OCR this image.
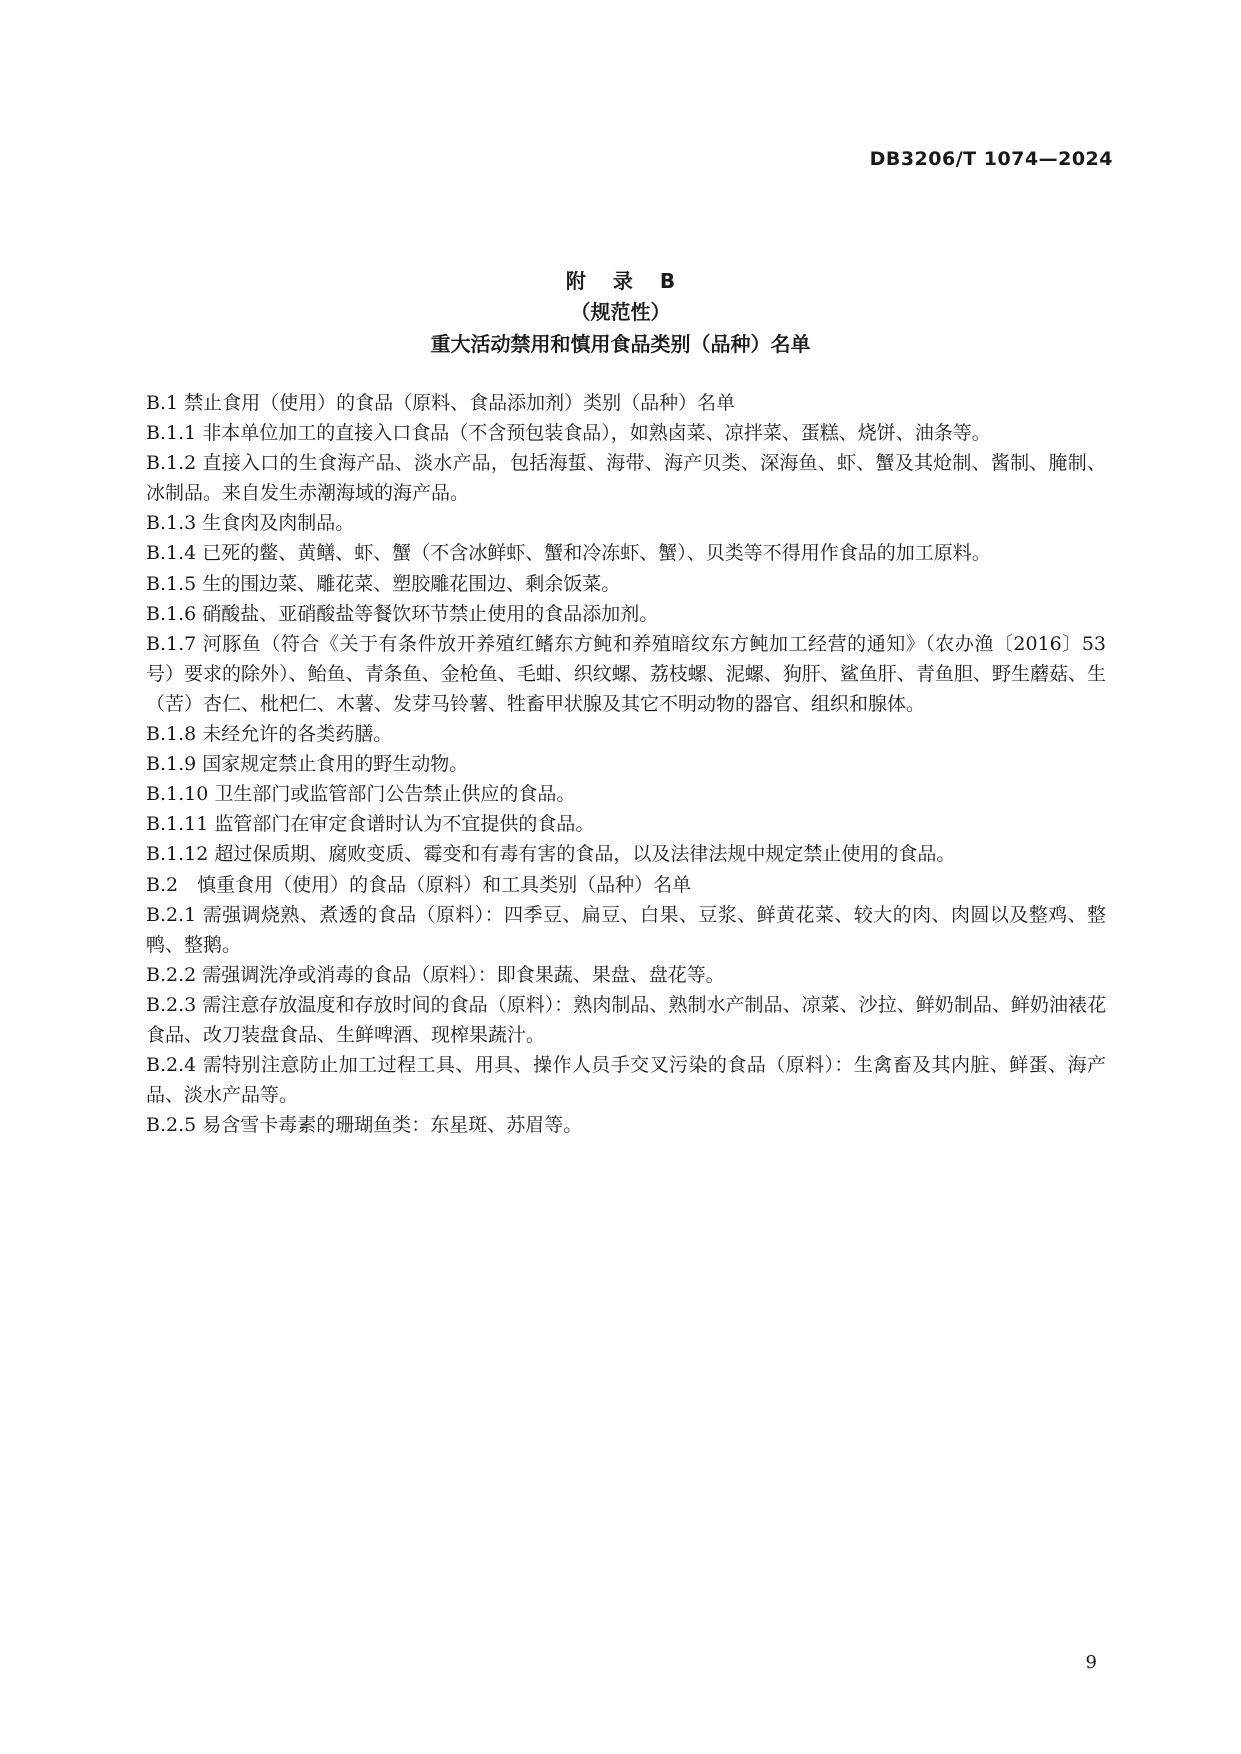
DB3206/T 1074—2024
附 录 B
（规范性）
重大活动禁用和慎用食品类别（品种）名单

B.1 禁止食用（使用）的食品（原料、食品添加剂）类别（品种）名单

B.1.1 非本单位加工的直接入口食品（不含预包装食品），如熟卤菜、凉拌菜、蛋糕、烧饼、油条等。

B.1.2 直接入口的生食海产品、淡水产品，包括海蜇、海带、海产贝类、深海鱼、虾、蟹及其炝制、酱制、腌制、冰制品。来自发生赤潮海域的海产品。

B.1.3 生食肉及肉制品。

B.1.4 已死的鳖、黄鳝、虾、蟹（不含冰鲜虾、蟹和冷冻虾、蟹）、贝类等不得用作食品的加工原料。

B.1.5 生的围边菜、雕花菜、塑胶雕花围边、剩余饭菜。

B.1.6 硝酸盐、亚硝酸盐等餐饮环节禁止使用的食品添加剂。

B.1.7 河豚鱼（符合《关于有条件放开养殖红鳍东方鲀和养殖暗纹东方鲀加工经营的通知》（农办渔〔2016〕53 号）要求的除外）、鲐鱼、青条鱼、金枪鱼、毛蚶、织纹螺、荔枝螺、泥螺、狗肝、鲨鱼肝、青鱼胆、野生蘑菇、生（苦）杏仁、枇杷仁、木薯、发芽马铃薯、牲畜甲状腺及其它不明动物的器官、组织和腺体。

B.1.8 未经允许的各类药膳。

B.1.9 国家规定禁止食用的野生动物。

B.1.10 卫生部门或监管部门公告禁止供应的食品。

B.1.11 监管部门在审定食谱时认为不宜提供的食品。

B.1.12 超过保质期、腐败变质、霉变和有毒有害的食品，以及法律法规中规定禁止使用的食品。

B.2　慎重食用（使用）的食品（原料）和工具类别（品种）名单

B.2.1 需强调烧熟、煮透的食品（原料）：四季豆、扁豆、白果、豆浆、鲜黄花菜、较大的肉、肉圆以及整鸡、整鸭、整鹅。

B.2.2 需强调洗净或消毒的食品（原料）：即食果蔬、果盘、盘花等。

B.2.3 需注意存放温度和存放时间的食品（原料）：熟肉制品、熟制水产制品、凉菜、沙拉、鲜奶制品、鲜奶油裱花食品、改刀装盘食品、生鲜啤酒、现榨果蔬汁。

B.2.4 需特别注意防止加工过程工具、用具、操作人员手交叉污染的食品（原料）：生禽畜及其内脏、鲜蛋、海产品、淡水产品等。

B.2.5 易含雪卡毒素的珊瑚鱼类：东星斑、苏眉等。

9
